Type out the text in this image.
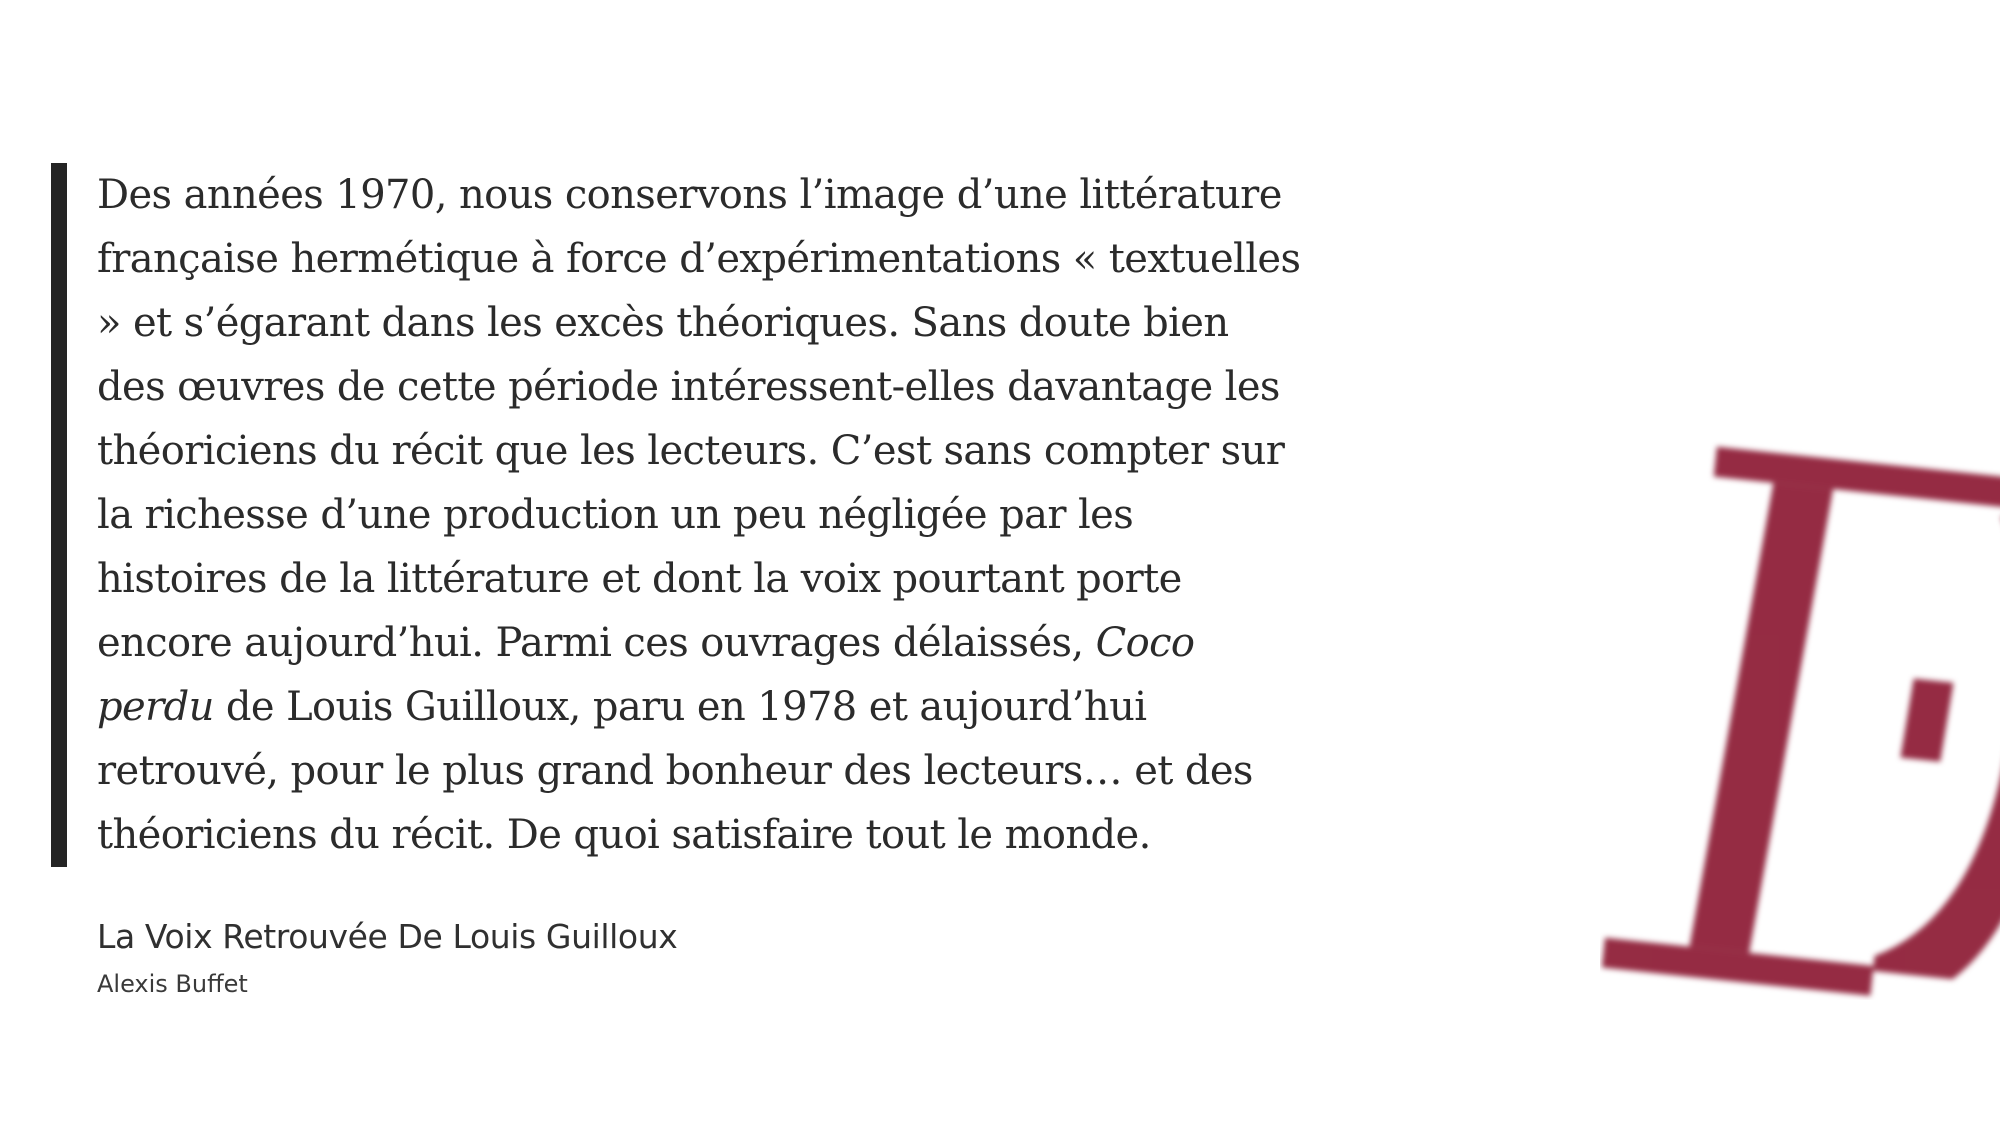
Des années 1970, nous conservons l’image d’une littérature
française hermétique à force d’expérimentations « textuelles
» et s’égarant dans les excès théoriques. Sans doute bien
des œuvres de cette période intéressent-elles davantage les
théoriciens du récit que les lecteurs. C’est sans compter sur
la richesse d’une production un peu négligée par les
histoires de la littérature et dont la voix pourtant porte
encore aujourd’hui. Parmi ces ouvrages délaissés, Coco
perdu de Louis Guilloux, paru en 1978 et aujourd’hui
retrouvé, pour le plus grand bonheur des lecteurs… et des
théoriciens du récit. De quoi satisfaire tout le monde.

La Voix Retrouvée De Louis Guilloux
Alexis Buffet
